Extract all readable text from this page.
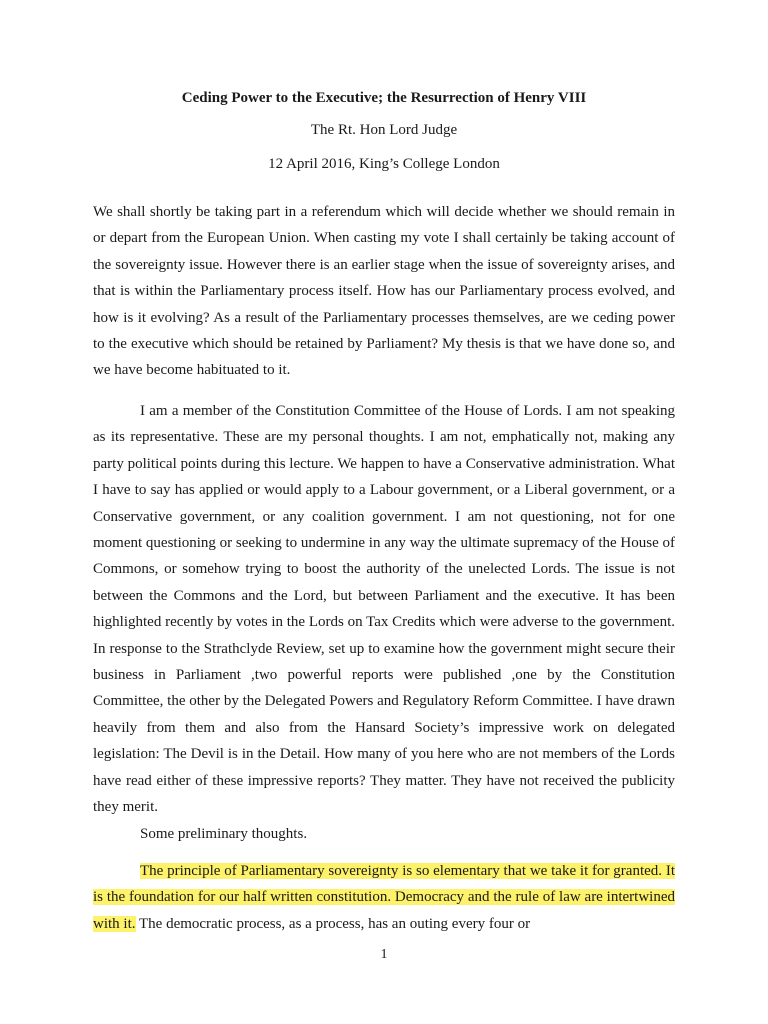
Ceding Power to the Executive; the Resurrection of Henry VIII
The Rt. Hon Lord Judge
12 April 2016, King’s College London

We shall shortly be taking part in a referendum which will decide whether we should remain in or depart from the European Union. When casting my vote I shall certainly be taking account of the sovereignty issue. However there is an earlier stage when the issue of sovereignty arises, and that is within the Parliamentary process itself. How has our Parliamentary process evolved, and how is it evolving? As a result of the Parliamentary processes themselves, are we ceding power to the executive which should be retained by Parliament? My thesis is that we have done so, and we have become habituated to it.

I am a member of the Constitution Committee of the House of Lords. I am not speaking as its representative. These are my personal thoughts. I am not, emphatically not, making any party political points during this lecture. We happen to have a Conservative administration. What I have to say has applied or would apply to a Labour government, or a Liberal government, or a Conservative government, or any coalition government. I am not questioning, not for one moment questioning or seeking to undermine in any way the ultimate supremacy of the House of Commons, or somehow trying to boost the authority of the unelected Lords. The issue is not between the Commons and the Lord, but between Parliament and the executive. It has been highlighted recently by votes in the Lords on Tax Credits which were adverse to the government. In response to the Strathclyde Review, set up to examine how the government might secure their business in Parliament ,two powerful reports were published ,one by the Constitution Committee, the other by the Delegated Powers and Regulatory Reform Committee. I have drawn heavily from them and also from the Hansard Society’s impressive work on delegated legislation: The Devil is in the Detail. How many of you here who are not members of the Lords have read either of these impressive reports? They matter. They have not received the publicity they merit.

Some preliminary thoughts.

The principle of Parliamentary sovereignty is so elementary that we take it for granted. It is the foundation for our half written constitution. Democracy and the rule of law are intertwined with it. The democratic process, as a process, has an outing every four or

1
